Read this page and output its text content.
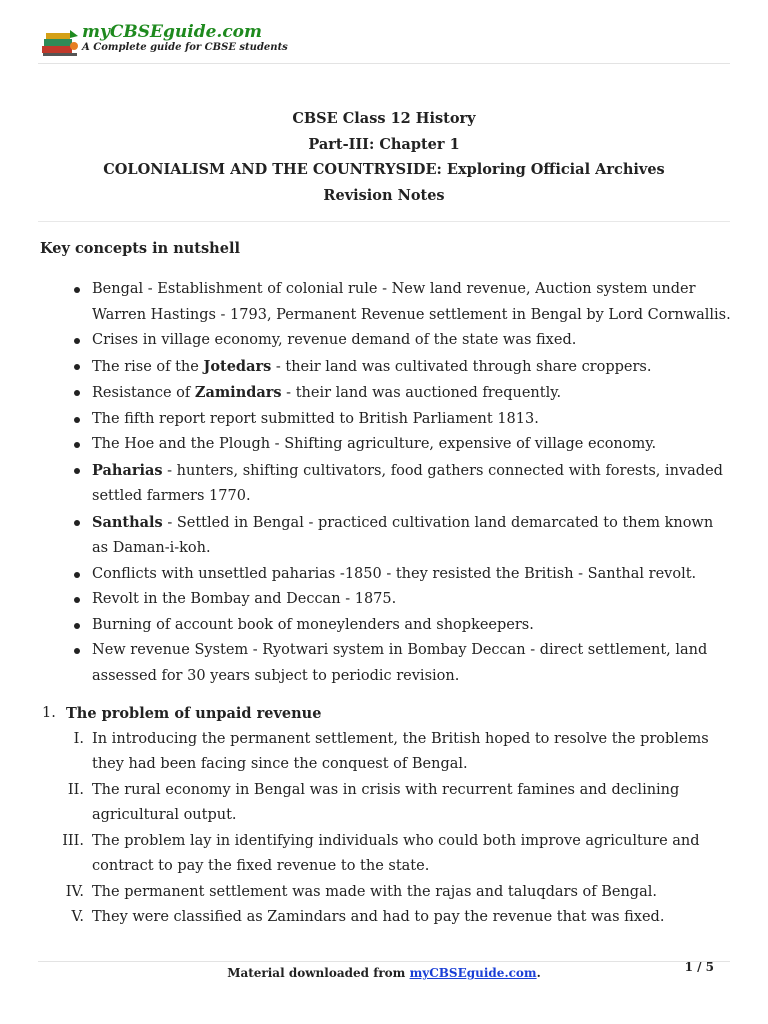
myCBSEguide.com
A Complete guide for CBSE students
CBSE Class 12 History
Part-III: Chapter 1
COLONIALISM AND THE COUNTRYSIDE: Exploring Official Archives
Revision Notes
Key concepts in nutshell
Bengal - Establishment of colonial rule - New land revenue, Auction system under Warren Hastings - 1793, Permanent Revenue settlement in Bengal by Lord Cornwallis.
Crises in village economy, revenue demand of the state was fixed.
The rise of the Jotedars - their land was cultivated through share croppers.
Resistance of Zamindars - their land was auctioned frequently.
The fifth report report submitted to British Parliament 1813.
The Hoe and the Plough - Shifting agriculture, expensive of village economy.
Paharias - hunters, shifting cultivators, food gathers connected with forests, invaded settled farmers 1770.
Santhals - Settled in Bengal - practiced cultivation land demarcated to them known as Daman-i-koh.
Conflicts with unsettled paharias -1850 - they resisted the British - Santhal revolt.
Revolt in the Bombay and Deccan - 1875.
Burning of account book of moneylenders and shopkeepers.
New revenue System - Ryotwari system in Bombay Deccan - direct settlement, land assessed for 30 years subject to periodic revision.
1. The problem of unpaid revenue
I. In introducing the permanent settlement, the British hoped to resolve the problems they had been facing since the conquest of Bengal.
II. The rural economy in Bengal was in crisis with recurrent famines and declining agricultural output.
III. The problem lay in identifying individuals who could both improve agriculture and contract to pay the fixed revenue to the state.
IV. The permanent settlement was made with the rajas and taluqdars of Bengal.
V. They were classified as Zamindars and had to pay the revenue that was fixed.
Material downloaded from myCBSEguide.com.	1 / 5
